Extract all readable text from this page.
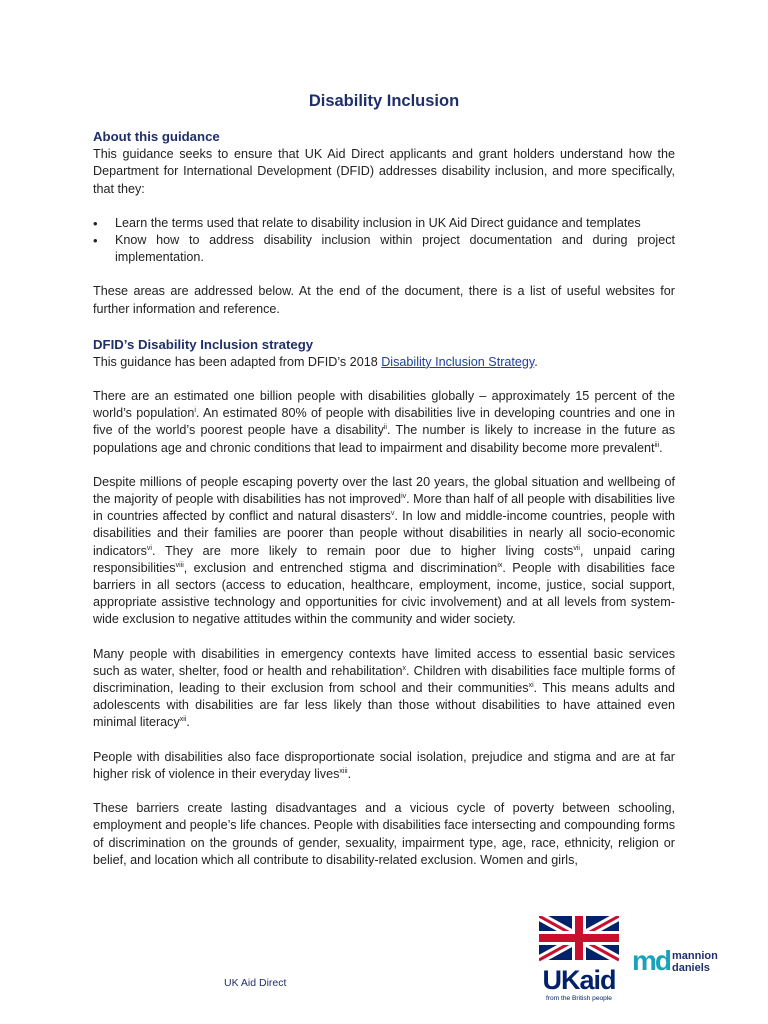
Disability Inclusion
About this guidance

This guidance seeks to ensure that UK Aid Direct applicants and grant holders understand how the Department for International Development (DFID) addresses disability inclusion, and more specifically, that they:

• Learn the terms used that relate to disability inclusion in UK Aid Direct guidance and templates
• Know how to address disability inclusion within project documentation and during project implementation.

These areas are addressed below. At the end of the document, there is a list of useful websites for further information and reference.

DFID’s Disability Inclusion strategy

This guidance has been adapted from DFID’s 2018 Disability Inclusion Strategy.

There are an estimated one billion people with disabilities globally – approximately 15 percent of the world’s population$^i$. An estimated 80% of people with disabilities live in developing countries and one in five of the world’s poorest people have a disability$^{ii}$. The number is likely to increase in the future as populations age and chronic conditions that lead to impairment and disability become more prevalent$^{iii}$.

Despite millions of people escaping poverty over the last 20 years, the global situation and wellbeing of the majority of people with disabilities has not improved$^{iv}$. More than half of all people with disabilities live in countries affected by conflict and natural disasters$^v$. In low and middle-income countries, people with disabilities and their families are poorer than people without disabilities in nearly all socio-economic indicators$^{vi}$. They are more likely to remain poor due to higher living costs$^{vii}$, unpaid caring responsibilities$^{viii}$, exclusion and entrenched stigma and discrimination$^{ix}$. People with disabilities face barriers in all sectors (access to education, healthcare, employment, income, justice, social support, appropriate assistive technology and opportunities for civic involvement) and at all levels from system-wide exclusion to negative attitudes within the community and wider society.

Many people with disabilities in emergency contexts have limited access to essential basic services such as water, shelter, food or health and rehabilitation$^x$. Children with disabilities face multiple forms of discrimination, leading to their exclusion from school and their communities$^{xi}$. This means adults and adolescents with disabilities are far less likely than those without disabilities to have attained even minimal literacy$^{xii}$.

People with disabilities also face disproportionate social isolation, prejudice and stigma and are at far higher risk of violence in their everyday lives$^{xiii}$.

These barriers create lasting disadvantages and a vicious cycle of poverty between schooling, employment and people’s life chances. People with disabilities face intersecting and compounding forms of discrimination on the grounds of gender, sexuality, impairment type, age, race, ethnicity, religion or belief, and location which all contribute to disability-related exclusion. Women and girls,

UK Aid Direct	UKaid
from the British people
md mannion
daniels
